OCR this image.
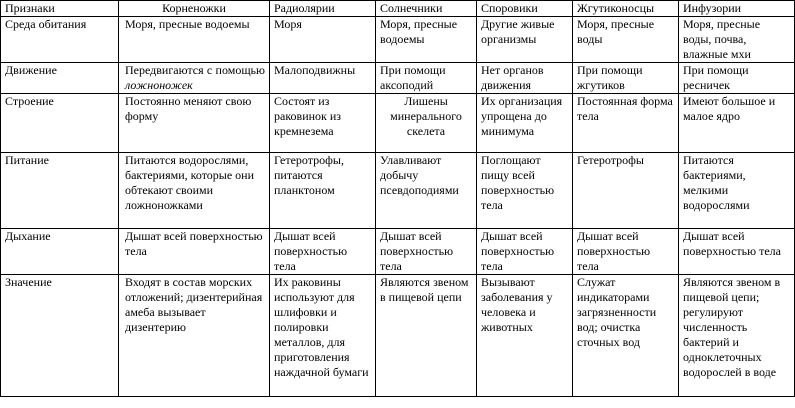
Признаки	Корненожки	Радиолярии	Солнечники	Споровики	Жгутиконосцы	Инфузории
Среда обитания	Моря, пресные водоемы	Моря	Моря, пресные водоемы	Другие живые организмы	Моря, пресные воды	Моря, пресные воды, почва, влажные мхи
Движение	Передвигаются с помощью ложноножек	Малоподвижны	При помощи аксоподий	Нет органов движения	При помощи жгутиков	При помощи ресничек
Строение	Постоянно меняют свою форму	Состоят из раковинок из кремнезема	Лишены минерального скелета	Их организация упрощена до минимума	Постоянная форма тела	Имеют большое и малое ядро
Питание	Питаются водорослями, бактериями, которые они обтекают своими ложноножками	Гетеротрофы, питаются планктоном	Улавливают добычу псевдоподиями	Поглощают пищу всей поверхностью тела	Гетеротрофы	Питаются бактериями, мелкими водорослями
Дыхание	Дышат всей поверхностью тела	Дышат всей поверхностью тела	Дышат всей поверхностью тела	Дышат всей поверхностью тела	Дышат всей поверхностью тела	Дышат всей поверхностью тела
Значение	Входят в состав морских отложений; дизентерийная амеба вызывает дизентерию	Их раковины используют для шлифовки и полировки металлов, для приготовления наждачной бумаги	Являются звеном в пищевой цепи	Вызывают заболевания у человека и животных	Служат индикаторами загрязненности вод; очистка сточных вод	Являются звеном в пищевой цепи; регулируют численность бактерий и одноклеточных водорослей в воде
